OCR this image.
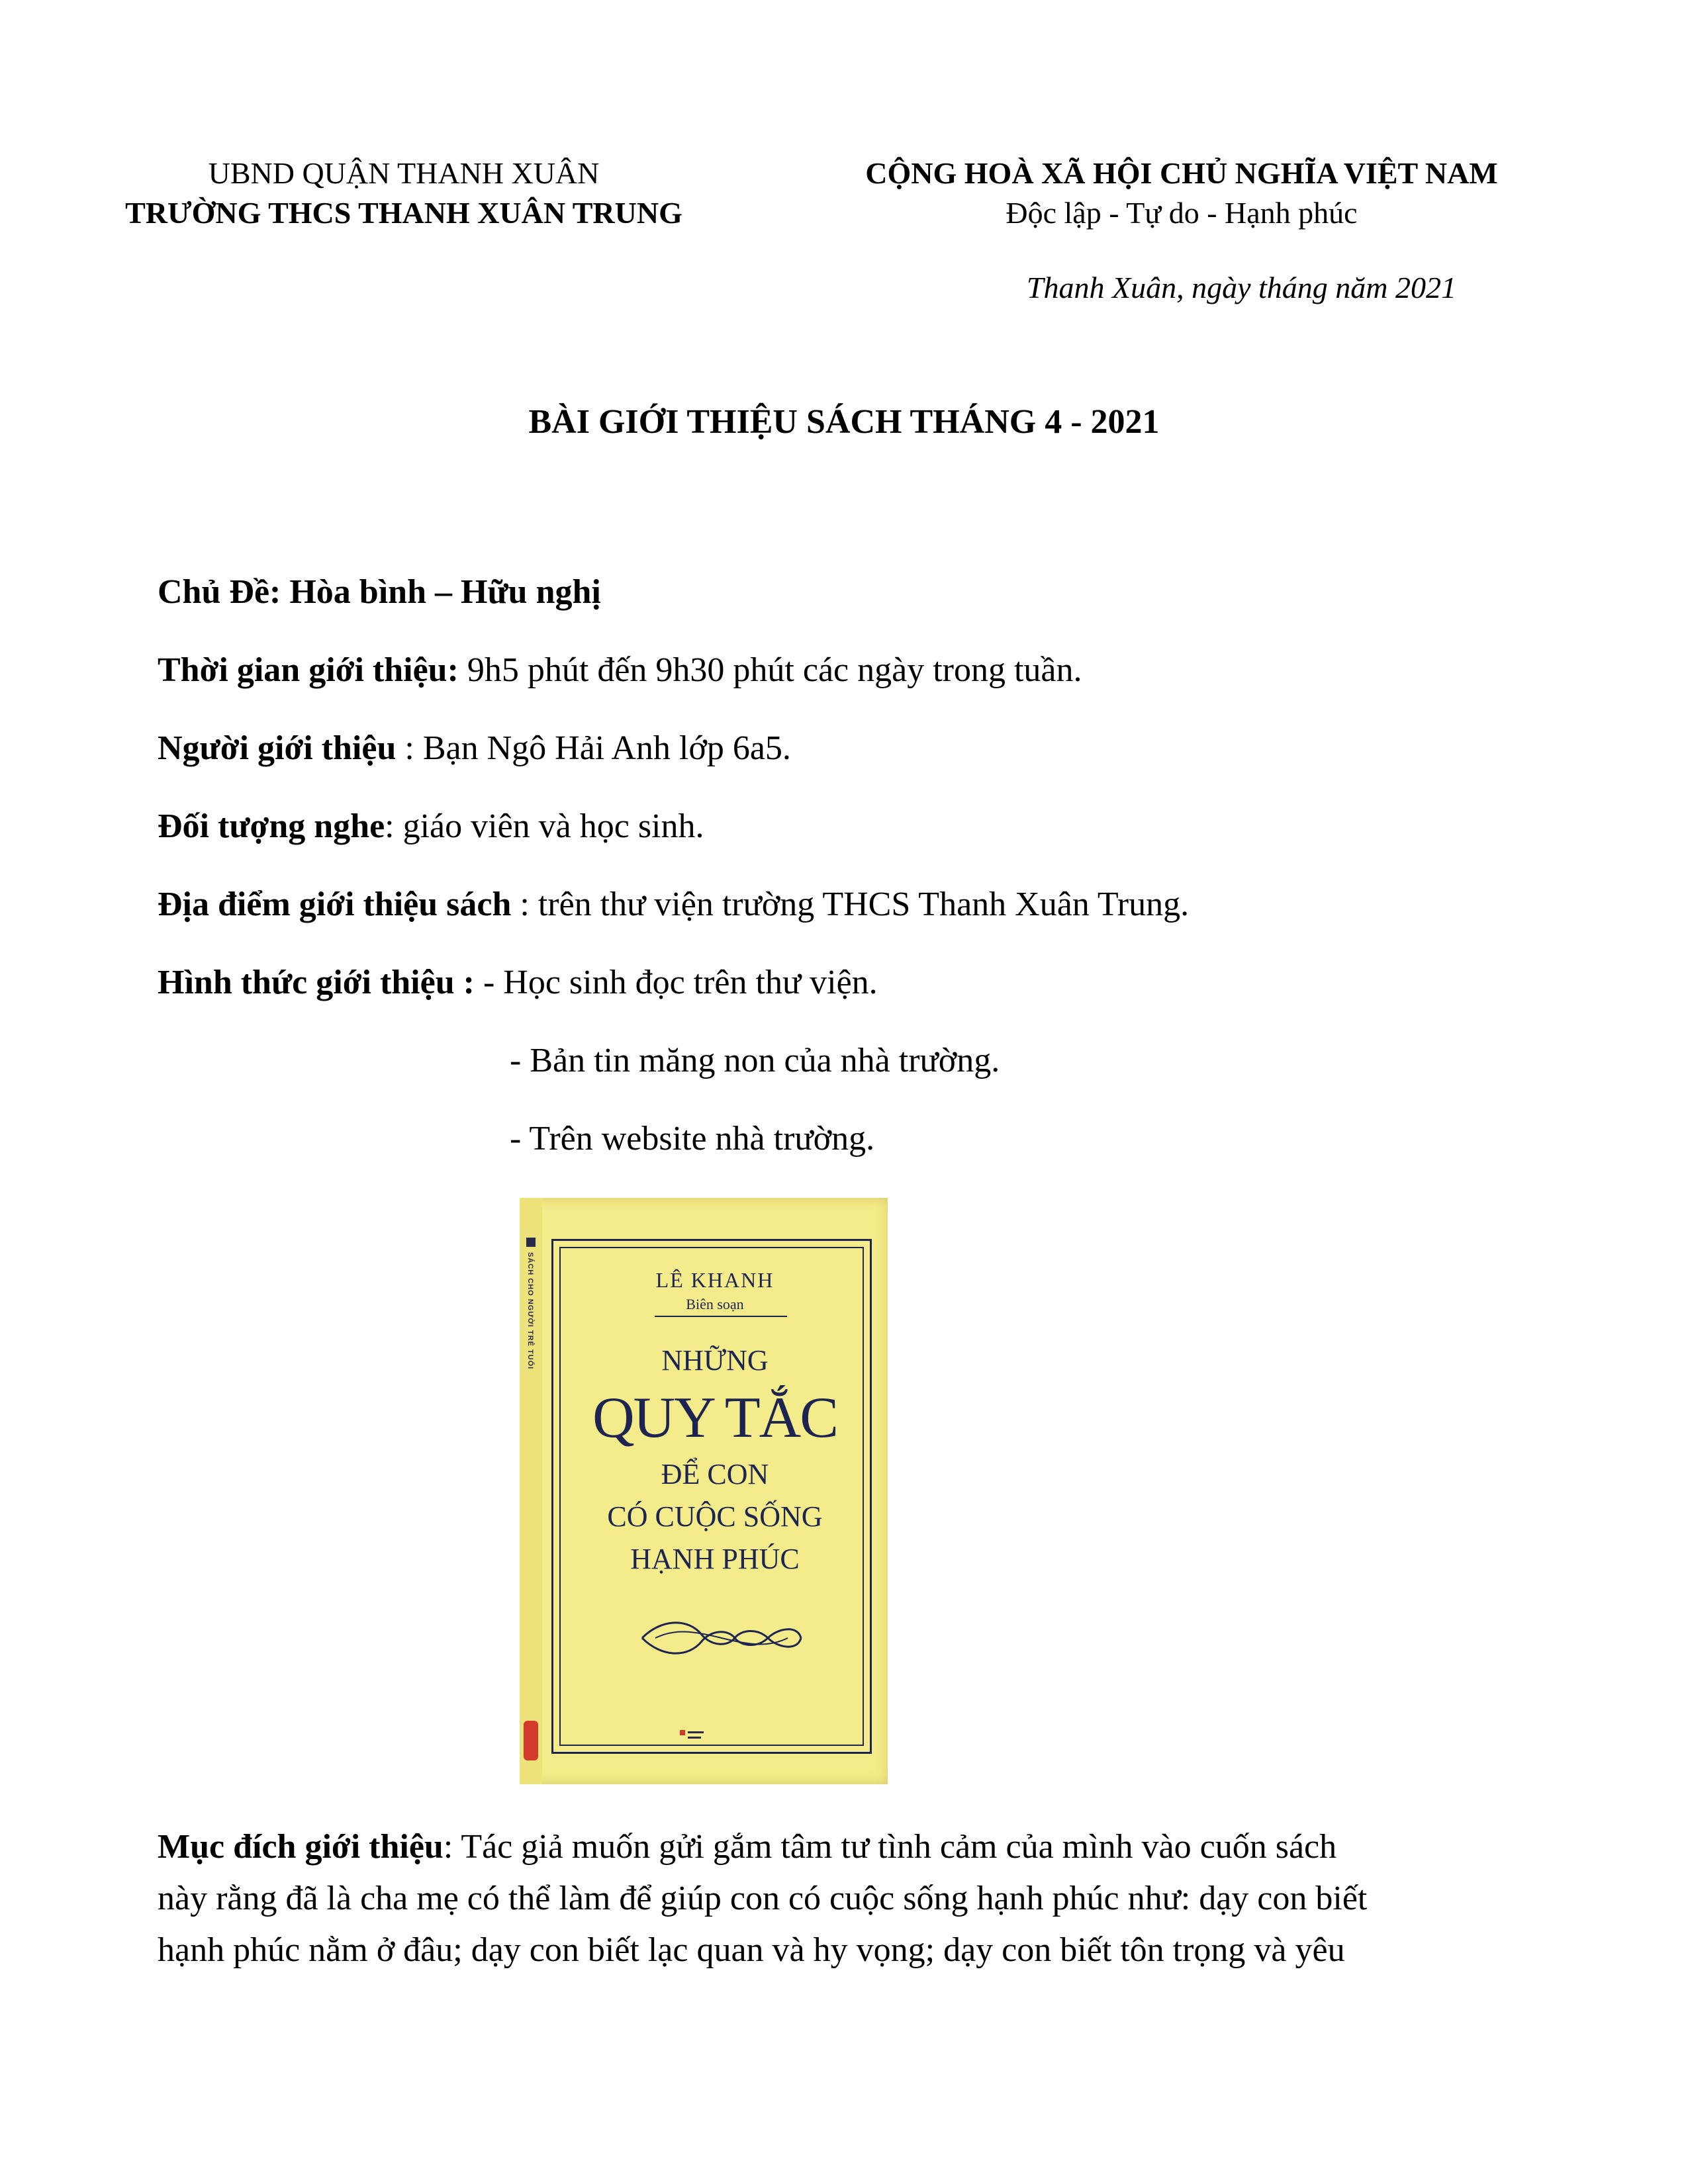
UBND QUẬN THANH XUÂN
TRƯỜNG THCS THANH XUÂN TRUNG
CỘNG HOÀ XÃ HỘI CHỦ NGHĨA VIỆT NAM
Độc lập - Tự do - Hạnh phúc
Thanh Xuân, ngày tháng năm 2021
BÀI GIỚI THIỆU SÁCH THÁNG 4 - 2021
Chủ Đề: Hòa bình – Hữu nghị
Thời gian giới thiệu: 9h5 phút đến 9h30 phút các ngày trong tuần.
Người giới thiệu : Bạn Ngô Hải Anh lớp 6a5.
Đối tượng nghe: giáo viên và học sinh.
Địa điểm giới thiệu sách : trên thư viện trường THCS Thanh Xuân Trung.
Hình thức giới thiệu : - Học sinh đọc trên thư viện.
- Bản tin măng non của nhà trường.
- Trên website nhà trường.
SÁCH CHO NGƯỜI TRẺ TUỔI	LÊ KHANH
Biên soạn
NHỮNG
QUY TẮC
ĐỂ CON
CÓ CUỘC SỐNG
HẠNH PHÚC
Mục đích giới thiệu: Tác giả muốn gửi gắm tâm tư tình cảm của mình vào cuốn sách
này rằng đã là cha mẹ có thể làm để giúp con có cuộc sống hạnh phúc như: dạy con biết
hạnh phúc nằm ở đâu; dạy con biết lạc quan và hy vọng; dạy con biết tôn trọng và yêu
